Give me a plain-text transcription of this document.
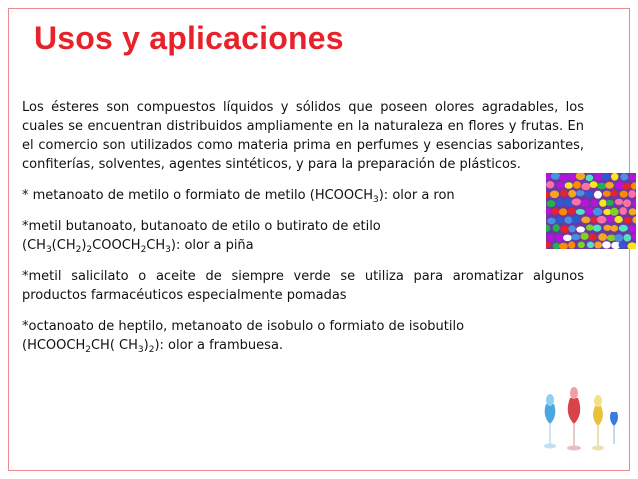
Usos y aplicaciones

Los ésteres son compuestos líquidos y sólidos que poseen olores agradables, los cuales se encuentran distribuidos ampliamente en la naturaleza en flores y frutas. En el comercio son utilizados como materia prima en perfumes y esencias saborizantes, confiterías, solventes, agentes sintéticos, y para la preparación de plásticos.

* metanoato de metilo o formiato de metilo $(HCOOCH_3)$: olor a ron

*metil butanoato, butanoato de etilo o butirato de etilo
$(CH_3(CH_2)_2COOCH_2CH_3)$: olor a piña

*metil salicilato o aceite de siempre verde se utiliza para aromatizar algunos productos farmacéuticos especialmente pomadas

*octanoato de heptilo, metanoato de isobulo o formiato de isobutilo
($HCOOCH_2CH$( $CH_3)_2$): olor a frambuesa.
